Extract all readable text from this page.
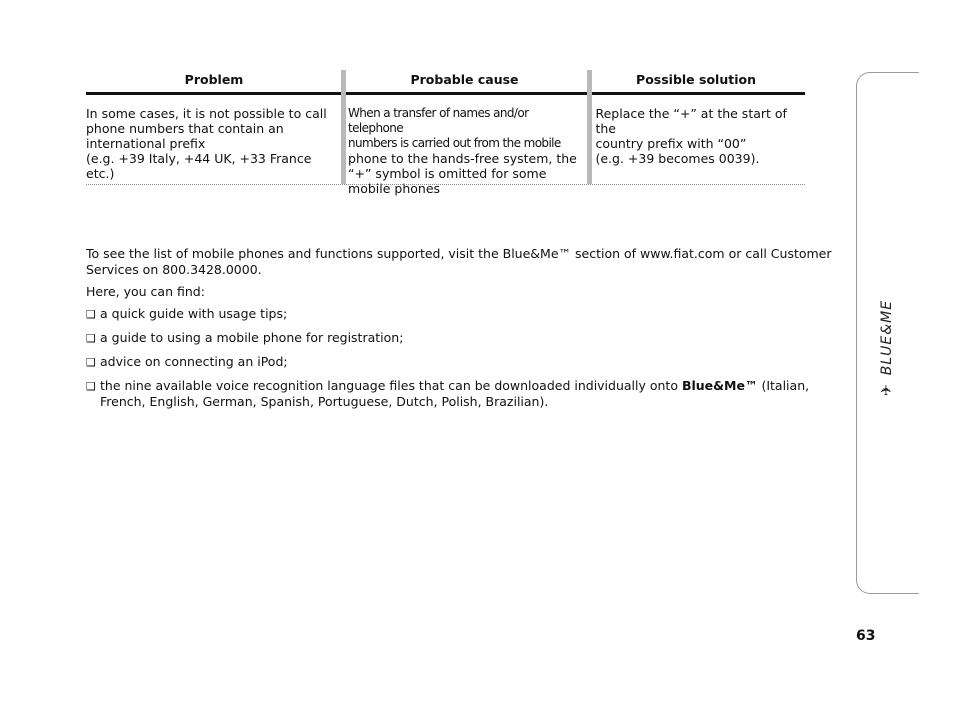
Problem	Probable cause	Possible solution
In some cases, it is not possible to call
phone numbers that contain an
international prefix
(e.g. +39 Italy, +44 UK, +33 France etc.)
When a transfer of names and/or telephone
numbers is carried out from the mobile
phone to the hands-free system, the
“+” symbol is omitted for some
mobile phones
Replace the “+” at the start of the
country prefix with “00”
(e.g. +39 becomes 0039).

To see the list of mobile phones and functions supported, visit the Blue&Me™ section of www.fiat.com or call Customer
Services on 800.3428.0000.

Here, you can find:

❑ a quick guide with usage tips;
❑ a guide to using a mobile phone for registration;
❑ advice on connecting an iPod;
❑ the nine available voice recognition language files that can be downloaded individually onto Blue&Me™ (Italian, French, English, German, Spanish, Portuguese, Dutch, Polish, Brazilian).
✈
BLUE&ME
63
